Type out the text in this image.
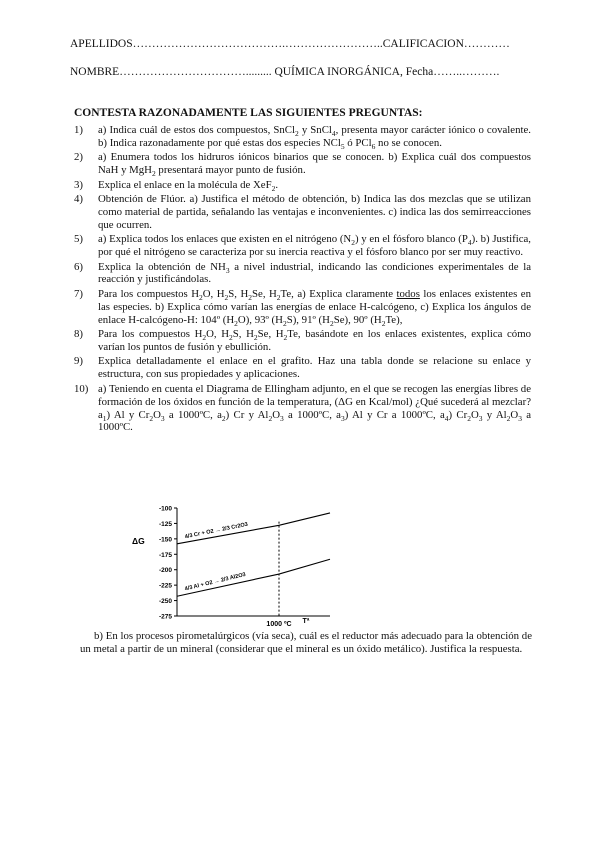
APELLIDOS………………………………….……………………..CALIFICACION…………
NOMBRE……………………………......... QUÍMICA INORGÁNICA, Fecha……..……….
CONTESTA RAZONADAMENTE LAS SIGUIENTES PREGUNTAS:
1) a) Indica cuál de estos dos compuestos, SnCl$_2$ y SnCl$_4$, presenta mayor carácter iónico o covalente. b) Indica razonadamente por qué estas dos especies NCl$_5$ ó PCl$_6$ no se conocen.
2) a) Enumera todos los hidruros iónicos binarios que se conocen. b) Explica cuál dos compuestos NaH y MgH$_2$ presentará mayor punto de fusión.
3) Explica el enlace en la molécula de XeF$_2$.
4) Obtención de Flúor. a) Justifica el método de obtención, b) Indica las dos mezclas que se utilizan como material de partida, señalando las ventajas e inconvenientes. c) indica las dos semirreacciones que ocurren.
5) a) Explica todos los enlaces que existen en el nitrógeno $(N_2)$ y en el fósforo blanco $(P_4)$. b) Justifica, por qué el nitrógeno se caracteriza por su inercia reactiva y el fósforo blanco por ser muy reactivo.
6) Explica la obtención de $NH_3$ a nivel industrial, indicando las condiciones experimentales de la reacción y justificándolas.
7) Para los compuestos $H_2O$, $H_2S$, $H_2Se$, $H_2Te$, a) Explica claramente todos los enlaces existentes en las especies. b) Explica cómo varían las energías de enlace H-calcógeno, c) Explica los ángulos de enlace H-calcógeno-H: 104º $(H_2O)$, 93º $(H_2S)$, 91º $(H_2Se)$, 90º $(H_2Te)$,
8) Para los compuestos $H_2O$, $H_2S$, $H_2Se$, $H_2Te$, basándote en los enlaces existentes, explica cómo varían los puntos de fusión y ebullición.
9) Explica detalladamente el enlace en el grafito. Haz una tabla donde se relacione su enlace y estructura, con sus propiedades y aplicaciones.
10) a) Teniendo en cuenta el Diagrama de Ellingham adjunto, en el que se recogen las energías libres de formación de los óxidos en función de la temperatura, (ΔG en Kcal/mol) ¿Qué sucederá al mezclar? $a_1$) Al y $Cr_2O_3$ a 1000ºC, $a_2$) Cr y $Al_2O_3$ a 1000ºC, $a_3$) Al y Cr a 1000ºC, $a_4$) $Cr_2O_3$ y $Al_2O_3$ a 1000ºC.
ΔG
-100
-125
-150
-175
-200
-225
-250
-275
4/3 Cr + O2 → 2/3 Cr2O3
4/3 Al + O2 → 2/3 Al2O3
1000 ºC Tª
b) En los procesos pirometalúrgicos (vía seca), cuál es el reductor más adecuado para la obtención de un metal a partir de un mineral (considerar que el mineral es un óxido metálico). Justifica la respuesta.
